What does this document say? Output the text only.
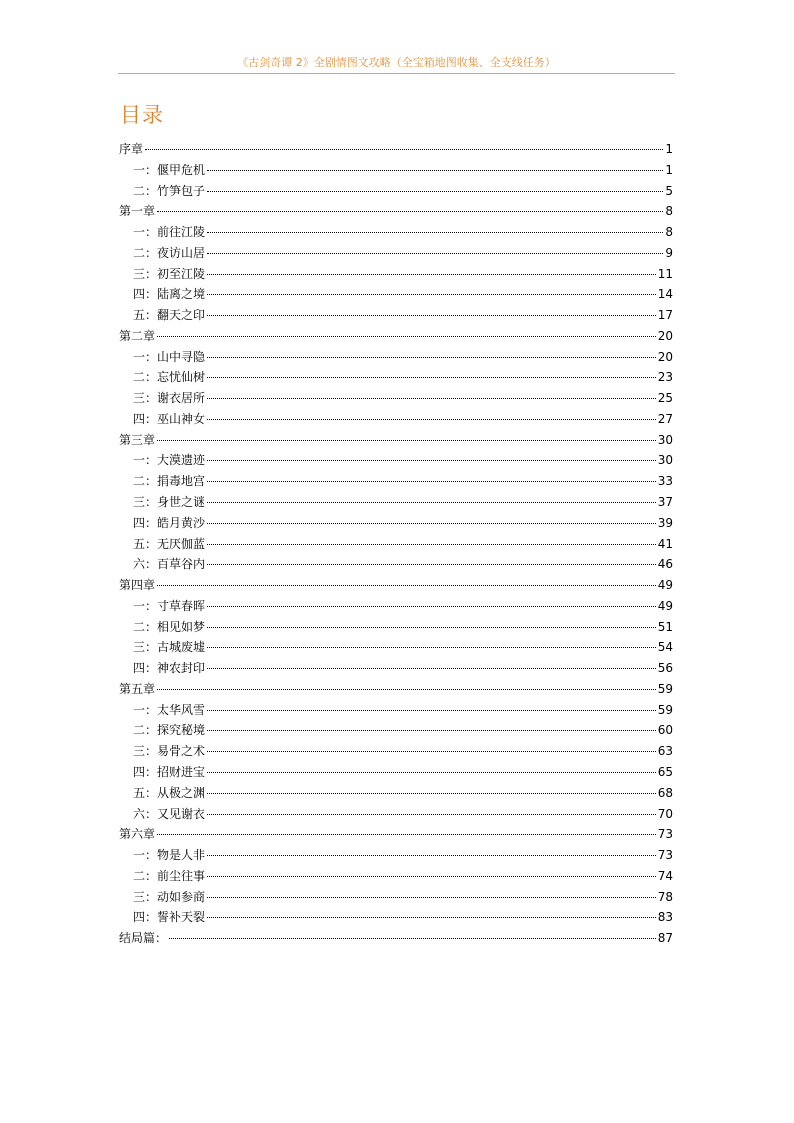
《古剑奇谭 2》全剧情图文攻略（全宝箱地图收集、全支线任务）
目录
序章	1
一：偃甲危机	1
二：竹笋包子	5
第一章	8
一：前往江陵	8
二：夜访山居	9
三：初至江陵	11
四：陆离之境	14
五：翻天之印	17
第二章	20
一：山中寻隐	20
二：忘忧仙树	23
三：谢衣居所	25
四：巫山神女	27
第三章	30
一：大漠遗迹	30
二：捐毒地宫	33
三：身世之谜	37
四：皓月黄沙	39
五：无厌伽蓝	41
六：百草谷内	46
第四章	49
一：寸草春晖	49
二：相见如梦	51
三：古城废墟	54
四：神农封印	56
第五章	59
一：太华风雪	59
二：探究秘境	60
三：易骨之术	63
四：招财进宝	65
五：从极之渊	68
六：又见谢衣	70
第六章	73
一：物是人非	73
二：前尘往事	74
三：动如参商	78
四：誓补天裂	83
结局篇：	87
